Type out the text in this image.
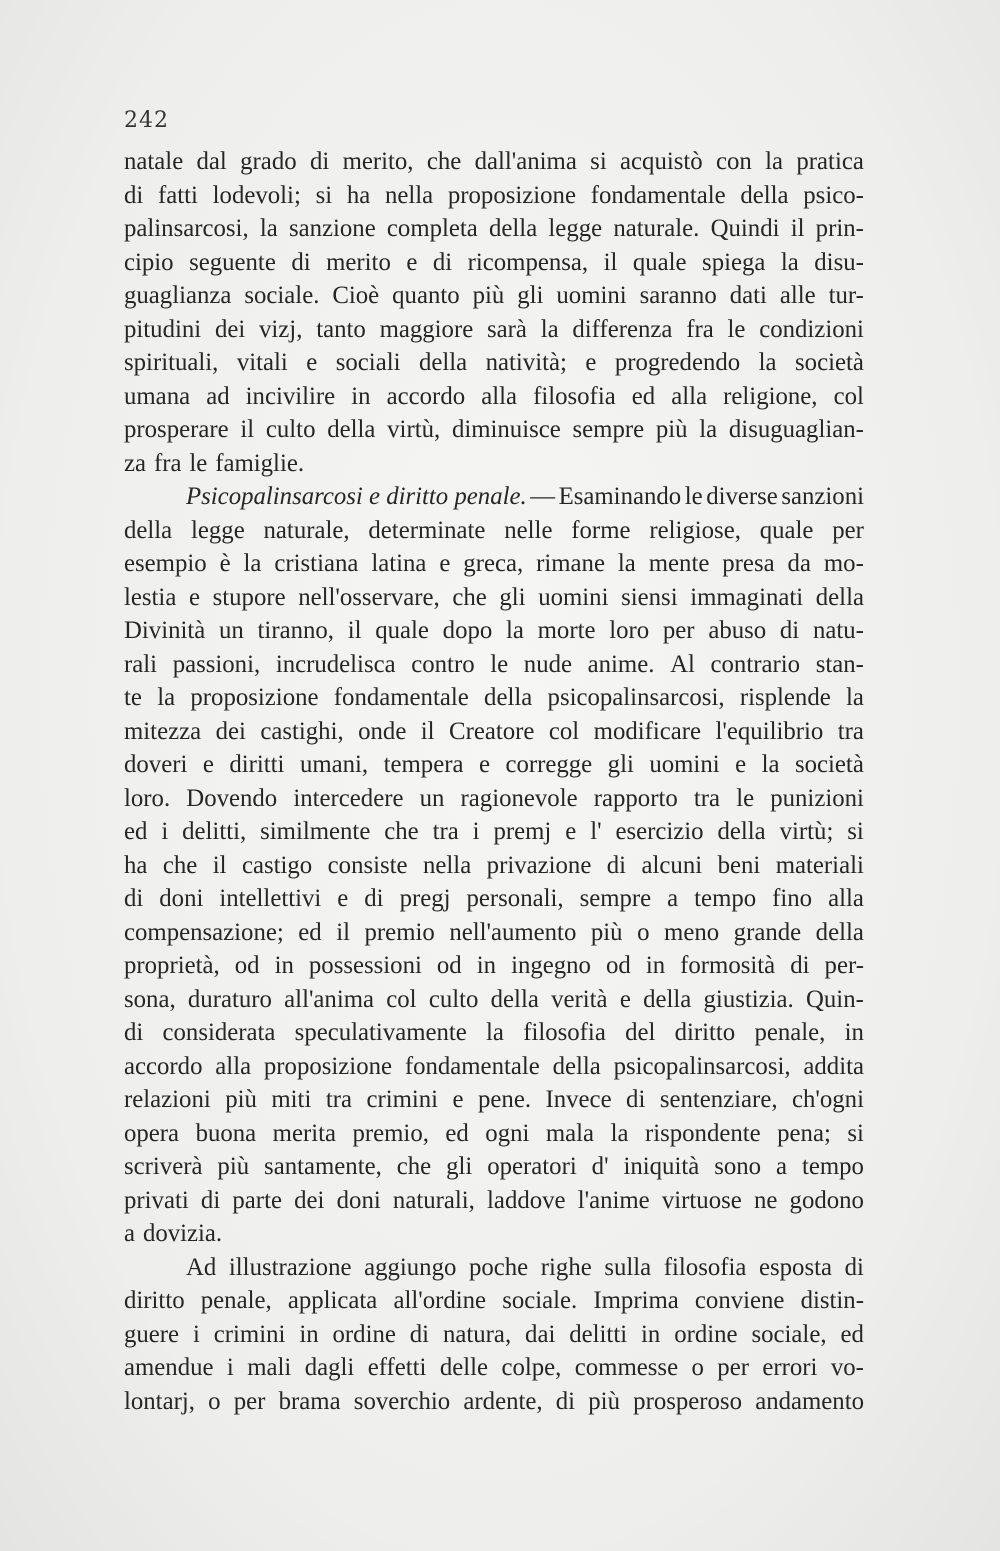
242
natale dal grado di merito, che dall'anima si acquistò con la pratica
di fatti lodevoli; si ha nella proposizione fondamentale della psico-
palinsarcosi, la sanzione completa della legge naturale. Quindi il prin-
cipio seguente di merito e di ricompensa, il quale spiega la disu-
guaglianza sociale. Cioè quanto più gli uomini saranno dati alle tur-
pitudini dei vizj, tanto maggiore sarà la differenza fra le condizioni
spirituali, vitali e sociali della natività; e progredendo la società
umana ad incivilire in accordo alla filosofia ed alla religione, col
prosperare il culto della virtù, diminuisce sempre più la disuguaglian-
za fra le famiglie.
Psicopalinsarcosi e diritto penale. — Esaminando le diverse sanzioni
della legge naturale, determinate nelle forme religiose, quale per
esempio è la cristiana latina e greca, rimane la mente presa da mo-
lestia e stupore nell'osservare, che gli uomini siensi immaginati della
Divinità un tiranno, il quale dopo la morte loro per abuso di natu-
rali passioni, incrudelisca contro le nude anime. Al contrario stan-
te la proposizione fondamentale della psicopalinsarcosi, risplende la
mitezza dei castighi, onde il Creatore col modificare l'equilibrio tra
doveri e diritti umani, tempera e corregge gli uomini e la società
loro. Dovendo intercedere un ragionevole rapporto tra le punizioni
ed i delitti, similmente che tra i premj e l' esercizio della virtù; si
ha che il castigo consiste nella privazione di alcuni beni materiali
di doni intellettivi e di pregj personali, sempre a tempo fino alla
compensazione; ed il premio nell'aumento più o meno grande della
proprietà, od in possessioni od in ingegno od in formosità di per-
sona, duraturo all'anima col culto della verità e della giustizia. Quin-
di considerata speculativamente la filosofia del diritto penale, in
accordo alla proposizione fondamentale della psicopalinsarcosi, addita
relazioni più miti tra crimini e pene. Invece di sentenziare, ch'ogni
opera buona merita premio, ed ogni mala la rispondente pena; si
scriverà più santamente, che gli operatori d' iniquità sono a tempo
privati di parte dei doni naturali, laddove l'anime virtuose ne godono
a dovizia.
Ad illustrazione aggiungo poche righe sulla filosofia esposta di
diritto penale, applicata all'ordine sociale. Imprima conviene distin-
guere i crimini in ordine di natura, dai delitti in ordine sociale, ed
amendue i mali dagli effetti delle colpe, commesse o per errori vo-
lontarj, o per brama soverchio ardente, di più prosperoso andamento
